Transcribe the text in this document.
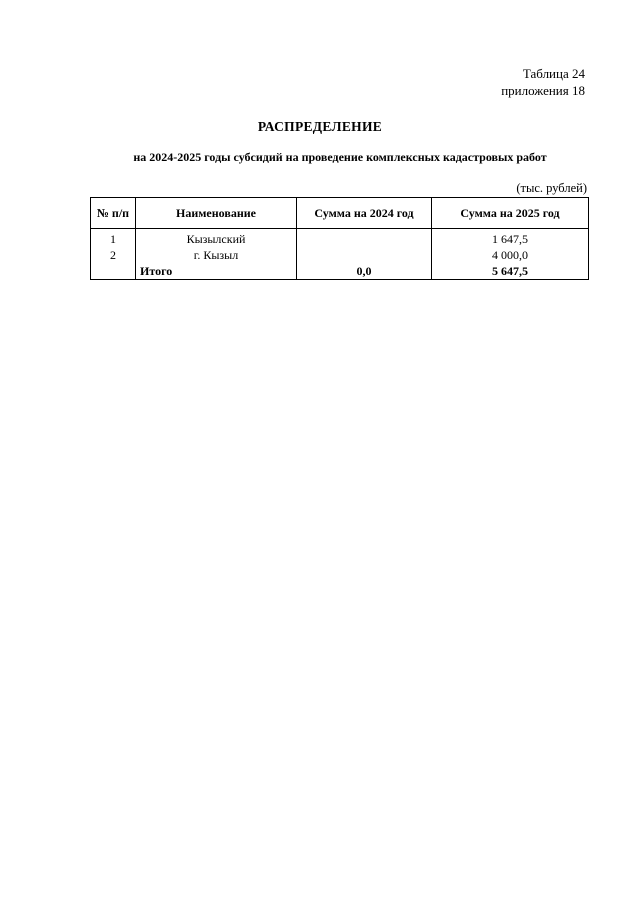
Таблица 24
приложения 18
РАСПРЕДЕЛЕНИЕ
на 2024-2025 годы субсидий на проведение комплексных кадастровых работ
(тыс. рублей)
№ п/п	Наименование	Сумма на 2024 год	Сумма на 2025 год
1	Кызылский		1 647,5
2	г. Кызыл		4 000,0
	Итого	0,0	5 647,5
